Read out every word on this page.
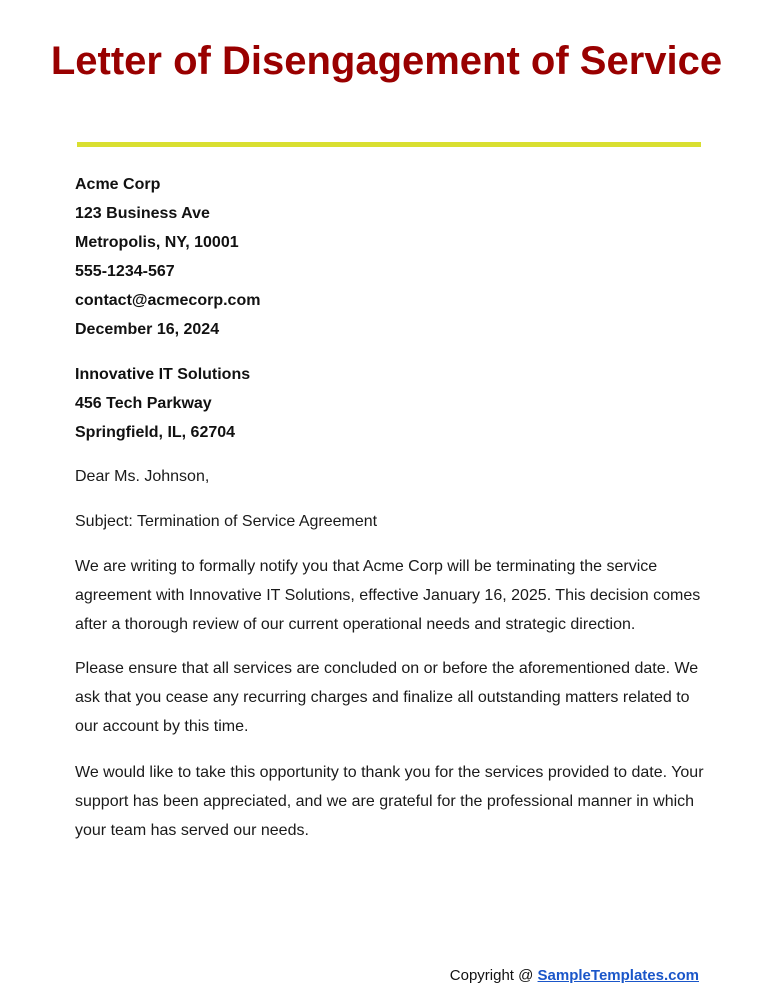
Letter of Disengagement of Service
Acme Corp
123 Business Ave
Metropolis, NY, 10001
555-1234-567
contact@acmecorp.com
December 16, 2024
Innovative IT Solutions
456 Tech Parkway
Springfield, IL, 62704

Dear Ms. Johnson,

Subject: Termination of Service Agreement

We are writing to formally notify you that Acme Corp will be terminating the service agreement with Innovative IT Solutions, effective January 16, 2025. This decision comes after a thorough review of our current operational needs and strategic direction.

Please ensure that all services are concluded on or before the aforementioned date. We ask that you cease any recurring charges and finalize all outstanding matters related to our account by this time.

We would like to take this opportunity to thank you for the services provided to date. Your support has been appreciated, and we are grateful for the professional manner in which your team has served our needs.

Copyright @ SampleTemplates.com
